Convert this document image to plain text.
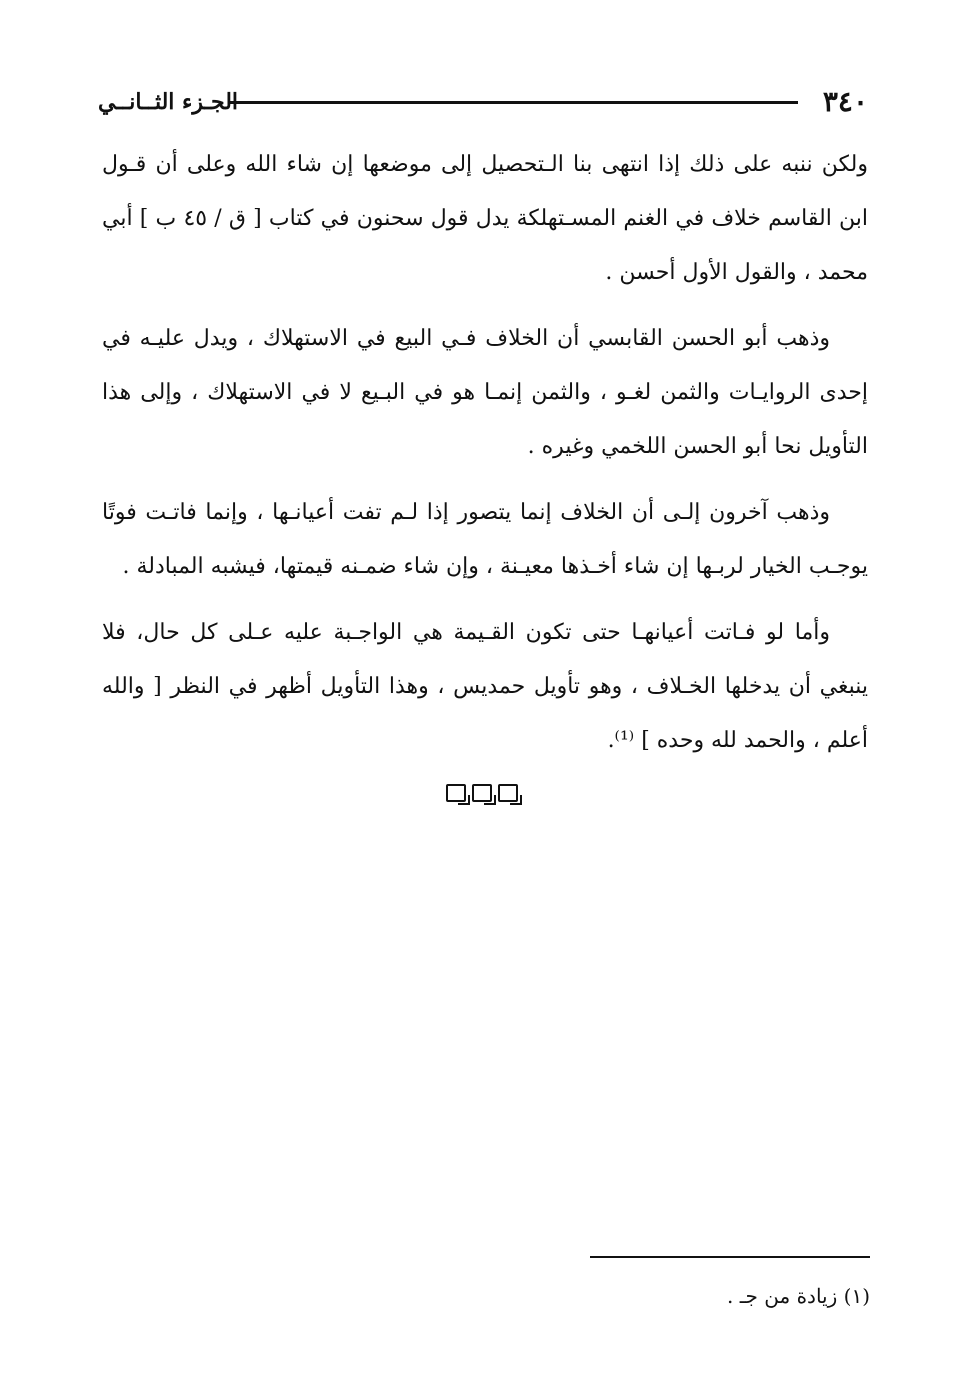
٣٤٠
الجـزء الثــانــي

ولكن ننبه على ذلك إذا انتهى بنا الـتحصيل إلى موضعها إن شاء الله وعلى أن قـول ابن القاسم خلاف في الغنم المسـتهلكة يدل قول سحنون في كتاب [ ق / ٤٥ ب ] أبي محمد ، والقول الأول أحسن .

وذهب أبو الحسن القابسي أن الخلاف فـي البيع في الاستهلاك ، ويدل عليـه في إحدى الروايـات والثمن لغـو ، والثمن إنمـا هو في البـيع لا في الاستهلاك ، وإلى هذا التأويل نحا أبو الحسن اللخمي وغيره .

وذهب آخرون إلـى أن الخلاف إنما يتصور إذا لـم تفت أعيانـها ، وإنما فاتـت فوتًا يوجـب الخيار لربـها إن شاء أخـذها معيـنة ، وإن شاء ضمـنه قيمتها، فيشبه المبادلة .

وأما لو فـاتت أعيانهـا حتى تكون القـيمة هي الواجـبة عليه عـلى كل حال، فلا ينبغي أن يدخلها الخـلاف ، وهو تأويل حمديس ، وهذا التأويل أظهر في النظر [ والله أعلم ، والحمد لله وحده ] ⁽¹⁾.

(١) زيادة من جـ .
